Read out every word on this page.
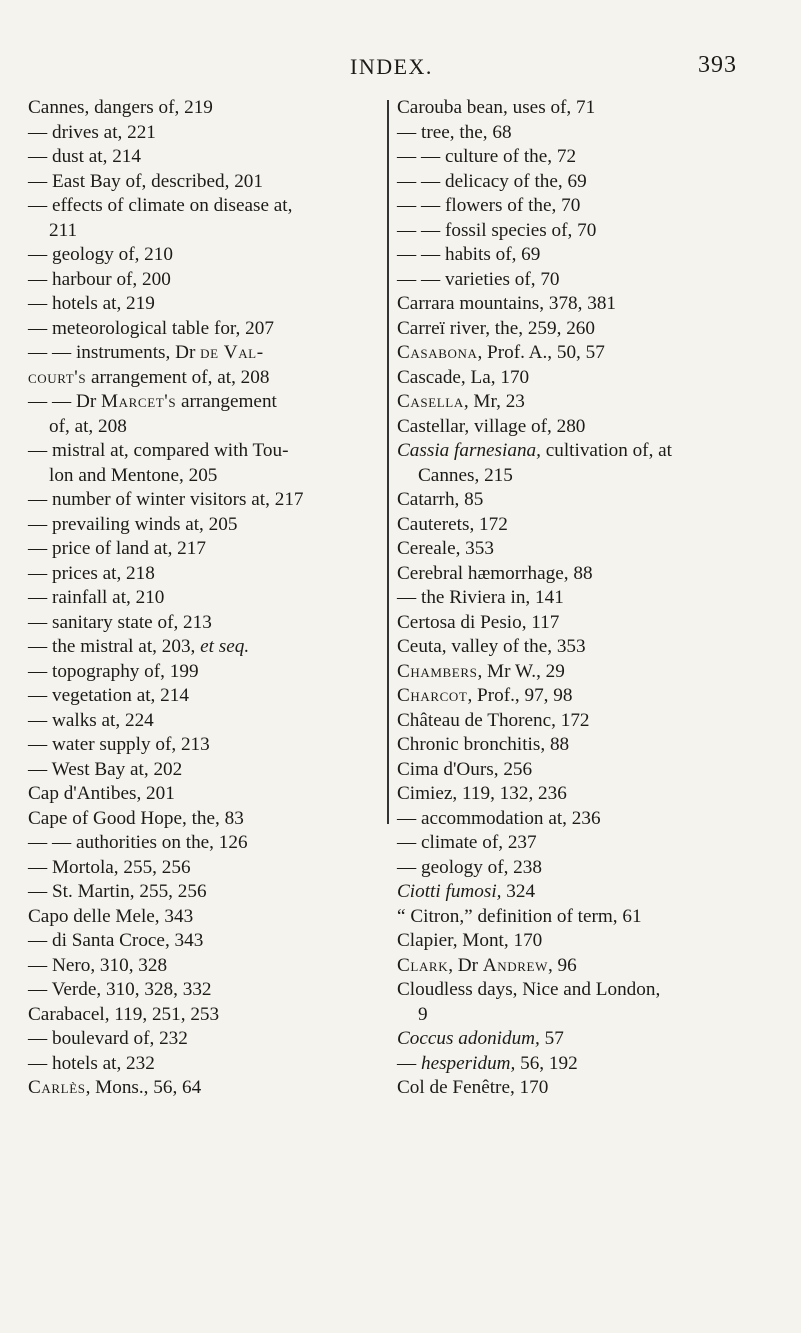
INDEX.	393
Cannes, dangers of, 219
— drives at, 221
— dust at, 214
— East Bay of, described, 201
— effects of climate on disease at,
211
— geology of, 210
— harbour of, 200
— hotels at, 219
— meteorological table for, 207
— — instruments, Dr de Val-
court's arrangement of, at, 208
— — Dr Marcet's arrangement
of, at, 208
— mistral at, compared with Tou-
lon and Mentone, 205
— number of winter visitors at, 217
— prevailing winds at, 205
— price of land at, 217
— prices at, 218
— rainfall at, 210
— sanitary state of, 213
— the mistral at, 203, et seq.
— topography of, 199
— vegetation at, 214
— walks at, 224
— water supply of, 213
— West Bay at, 202
Cap d'Antibes, 201
Cape of Good Hope, the, 83
— — authorities on the, 126
— Mortola, 255, 256
— St. Martin, 255, 256
Capo delle Mele, 343
— di Santa Croce, 343
— Nero, 310, 328
— Verde, 310, 328, 332
Carabacel, 119, 251, 253
— boulevard of, 232
— hotels at, 232
Carlès, Mons., 56, 64
Carouba bean, uses of, 71
— tree, the, 68
— — culture of the, 72
— — delicacy of the, 69
— — flowers of the, 70
— — fossil species of, 70
— — habits of, 69
— — varieties of, 70
Carrara mountains, 378, 381
Carreï river, the, 259, 260
Casabona, Prof. A., 50, 57
Cascade, La, 170
Casella, Mr, 23
Castellar, village of, 280
Cassia farnesiana, cultivation of, at
Cannes, 215
Catarrh, 85
Cauterets, 172
Cereale, 353
Cerebral hæmorrhage, 88
— the Riviera in, 141
Certosa di Pesio, 117
Ceuta, valley of the, 353
Chambers, Mr W., 29
Charcot, Prof., 97, 98
Château de Thorenc, 172
Chronic bronchitis, 88
Cima d'Ours, 256
Cimiez, 119, 132, 236
— accommodation at, 236
— climate of, 237
— geology of, 238
Ciotti fumosi, 324
“ Citron,” definition of term, 61
Clapier, Mont, 170
Clark, Dr Andrew, 96
Cloudless days, Nice and London,
9
Coccus adonidum, 57
— hesperidum, 56, 192
Col de Fenêtre, 170
